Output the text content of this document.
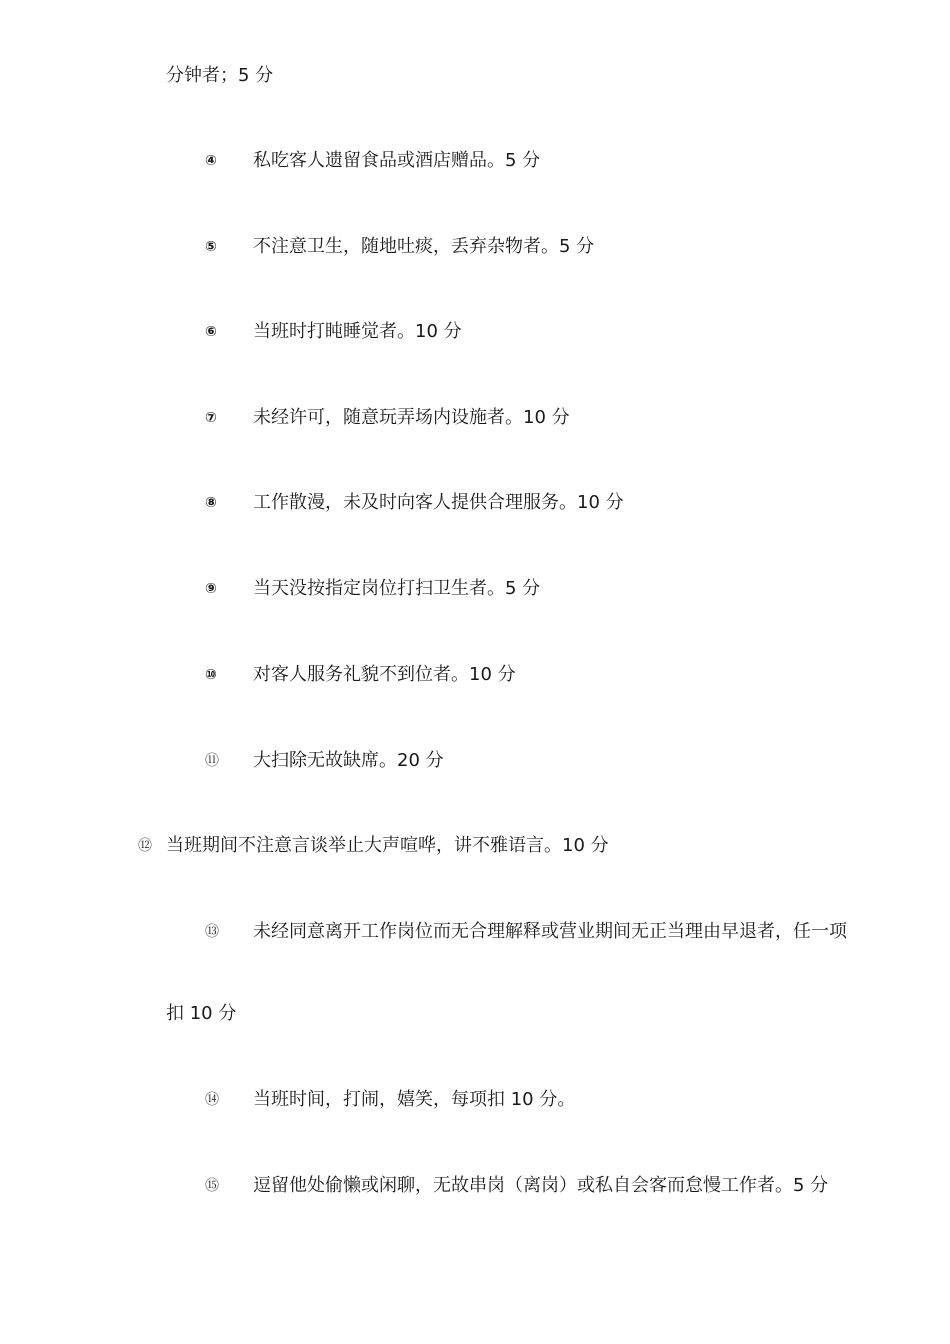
分钟者；5 分
④ 私吃客人遗留食品或酒店赠品。5 分
⑤ 不注意卫生，随地吐痰，丢弃杂物者。5 分
⑥ 当班时打盹睡觉者。10 分
⑦ 未经许可，随意玩弄场内设施者。10 分
⑧ 工作散漫，未及时向客人提供合理服务。10 分
⑨ 当天没按指定岗位打扫卫生者。5 分
⑩ 对客人服务礼貌不到位者。10 分
⑪ 大扫除无故缺席。20 分
⑫ 当班期间不注意言谈举止大声喧哗，讲不雅语言。10 分
⑬ 未经同意离开工作岗位而无合理解释或营业期间无正当理由早退者，任一项
扣 10 分
⑭ 当班时间，打闹，嬉笑，每项扣 10 分。
⑮ 逗留他处偷懒或闲聊，无故串岗（离岗）或私自会客而怠慢工作者。5 分
